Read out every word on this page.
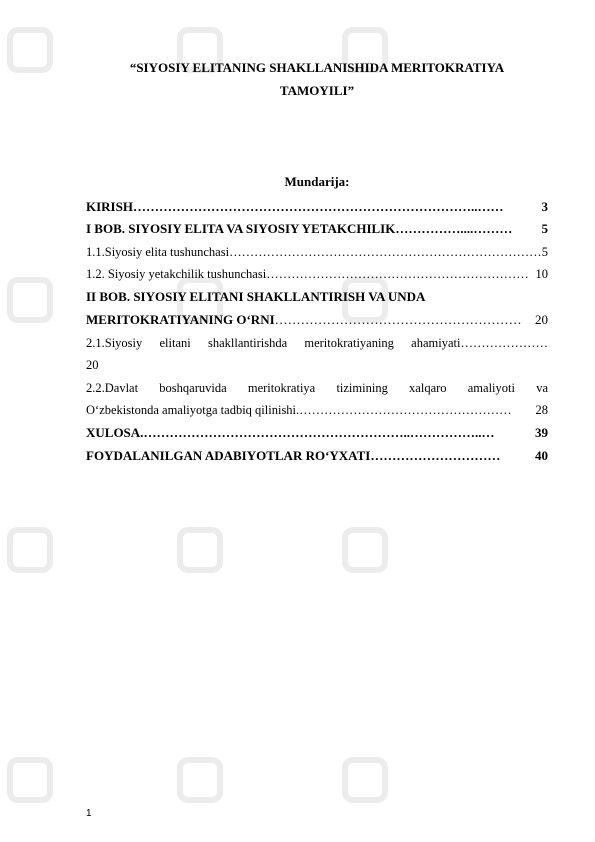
“SIYOSIY ELITANING SHAKLLANISHIDA MERITOKRATIYA
TAMOYILI”
Mundarija:
KIRISH ……………………………………………………………………..……	3
I BOB. SIYOSIY ELITA VA SIYOSIY YETAKCHILIK ……………....………	5
1.1.Siyosiy elita tushunchasi ………………………………………………………………… 5
1.2. Siyosiy yetakchilik tushunchasi ……………………………………………………… 10
II BOB. SIYOSIY ELITANI SHAKLLANTIRISH VA UNDA
MERITOKRATIYANING O‘RNI …………………………………………………	20
2.1.Siyosiy elitani shakllantirishda meritokratiyaning ahamiyati…………………
20
2.2.Davlat boshqaruvida meritokratiya tizimining xalqaro amaliyoti va
O‘zbekistonda amaliyotga tadbiq qilinishi. ……………………………………………	28
XULOSA. ……………………………………………………..……………..…	39
FOYDALANILGAN ADABIYOTLAR RO‘YXATI …………………………	40
1
